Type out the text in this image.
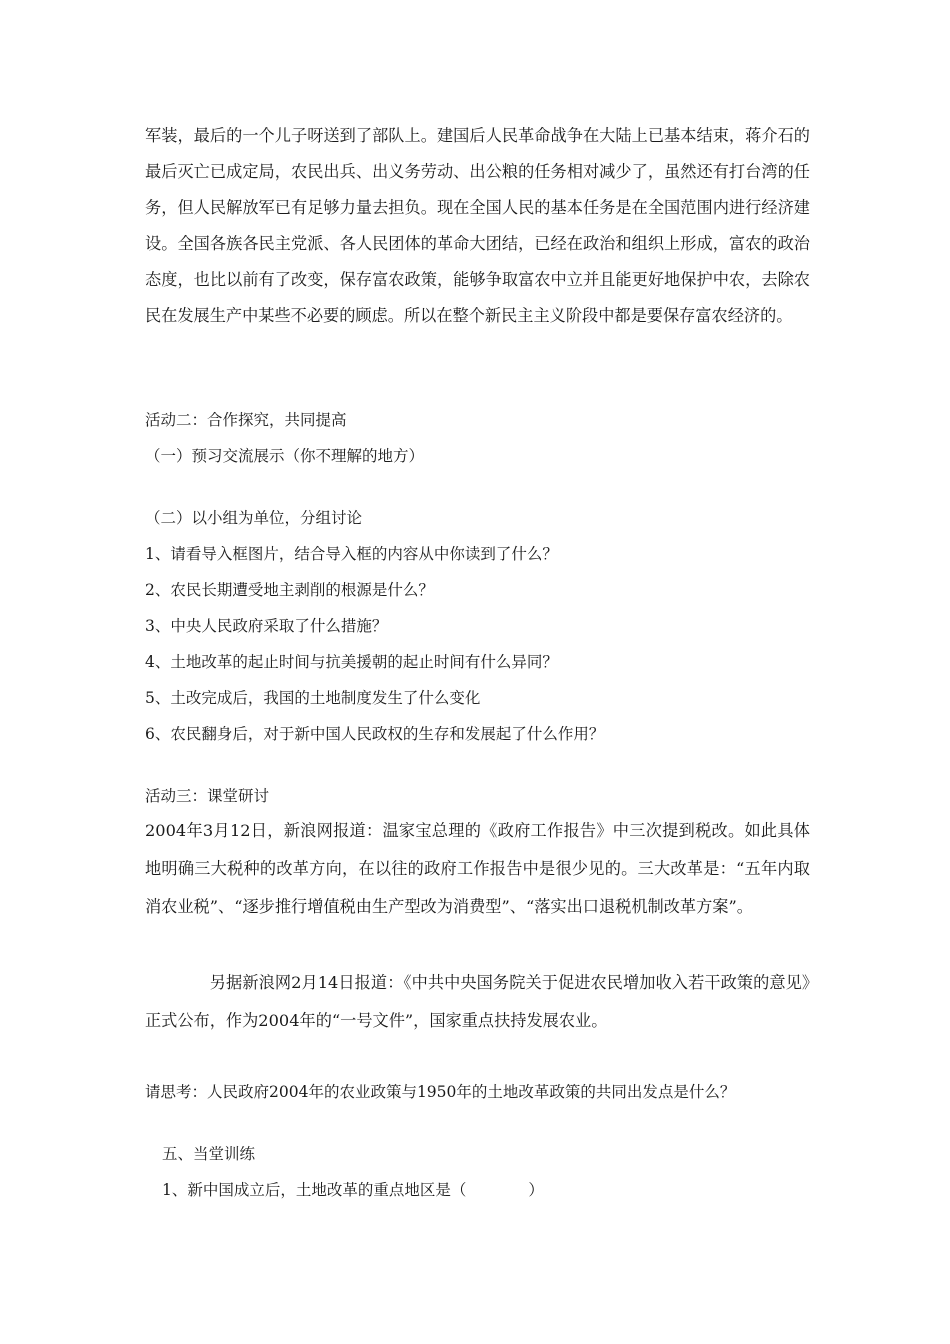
军装，最后的一个儿子呀送到了部队上。建国后人民革命战争在大陆上已基本结束，蒋介石的最后灭亡已成定局，农民出兵、出义务劳动、出公粮的任务相对减少了，虽然还有打台湾的任务，但人民解放军已有足够力量去担负。现在全国人民的基本任务是在全国范围内进行经济建设。全国各族各民主党派、各人民团体的革命大团结，已经在政治和组织上形成，富农的政治态度，也比以前有了改变，保存富农政策，能够争取富农中立并且能更好地保护中农，去除农民在发展生产中某些不必要的顾虑。所以在整个新民主主义阶段中都是要保存富农经济的。
活动二：合作探究，共同提高
（一）预习交流展示（你不理解的地方）
（二）以小组为单位，分组讨论
1、请看导入框图片，结合导入框的内容从中你读到了什么？
2、农民长期遭受地主剥削的根源是什么？
3、中央人民政府采取了什么措施？
4、土地改革的起止时间与抗美援朝的起止时间有什么异同？
5、土改完成后，我国的土地制度发生了什么变化
6、农民翻身后，对于新中国人民政权的生存和发展起了什么作用？
活动三：课堂研讨
2004年3月12日，新浪网报道：温家宝总理的《政府工作报告》中三次提到税改。如此具体地明确三大税种的改革方向，在以往的政府工作报告中是很少见的。三大改革是：“五年内取消农业税”、“逐步推行增值税由生产型改为消费型”、“落实出口退税机制改革方案”。
另据新浪网2月14日报道：《中共中央国务院关于促进农民增加收入若干政策的意见》正式公布，作为2004年的“一号文件”，国家重点扶持发展农业。
请思考：人民政府2004年的农业政策与1950年的土地改革政策的共同出发点是什么？
五、当堂训练
1、新中国成立后，土地改革的重点地区是（　　　　）
